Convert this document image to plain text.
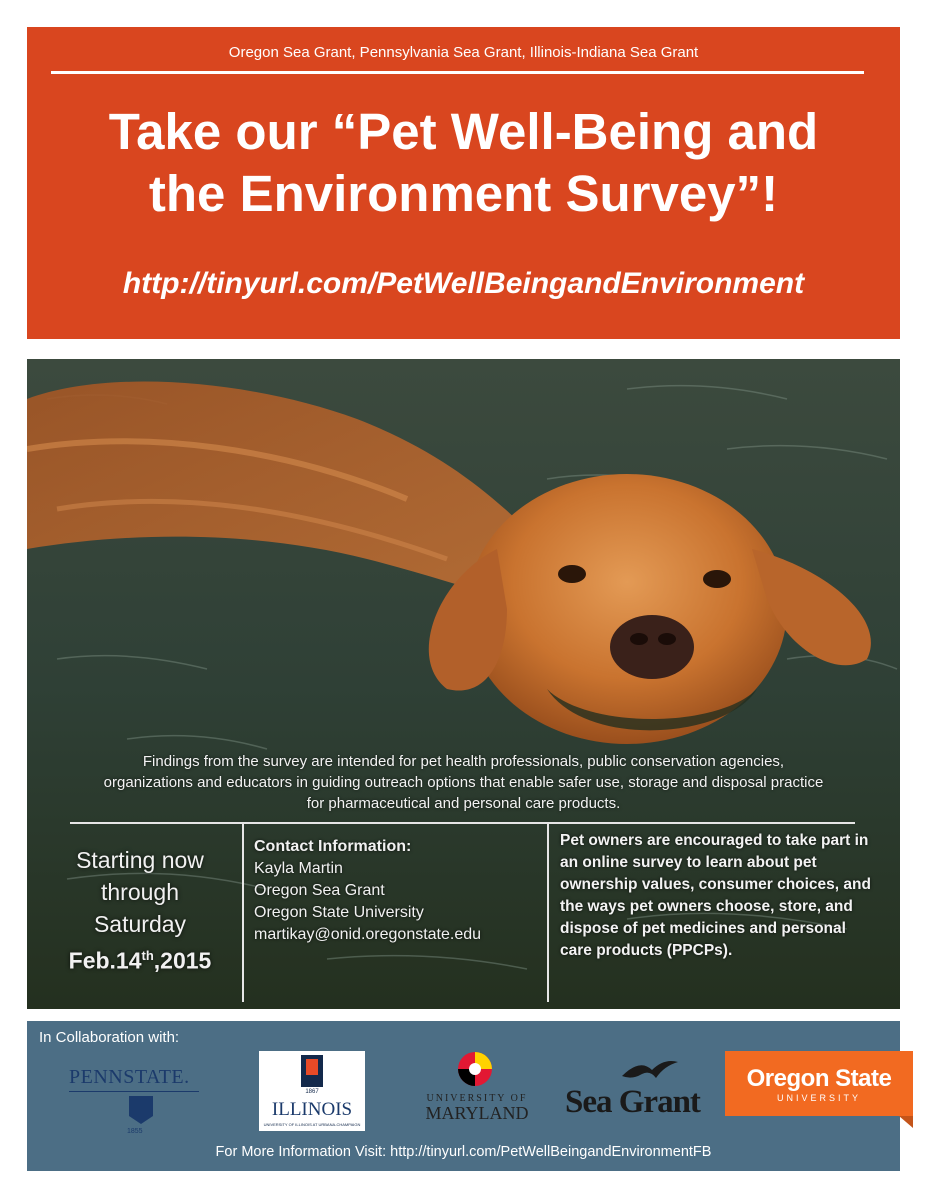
Oregon Sea Grant, Pennsylvania Sea Grant, Illinois-Indiana Sea Grant
Take our “Pet Well-Being and
the Environment Survey”!
http://tinyurl.com/PetWellBeingandEnvironment
Findings from the survey are intended for pet health professionals, public conservation agencies, organizations and educators in guiding outreach options that enable safer use, storage and disposal practice for pharmaceutical and personal care products.
Starting now
through
Saturday
Feb.14th,2015
Contact Information:
Kayla Martin
Oregon Sea Grant
Oregon State University
martikay@onid.oregonstate.edu
Pet owners are encouraged to take part in an online survey to learn about pet ownership values, consumer choices, and the ways pet owners choose, store, and dispose of pet medicines and personal care products (PPCPs).
In Collaboration with:
PENNSTATE.
1855
1867
ILLINOIS
UNIVERSITY OF ILLINOIS AT URBANA-CHAMPAIGN
UNIVERSITY OF
MARYLAND	Sea Grant
Oregon State
UNIVERSITY
For More Information Visit: http://tinyurl.com/PetWellBeingandEnvironmentFB
